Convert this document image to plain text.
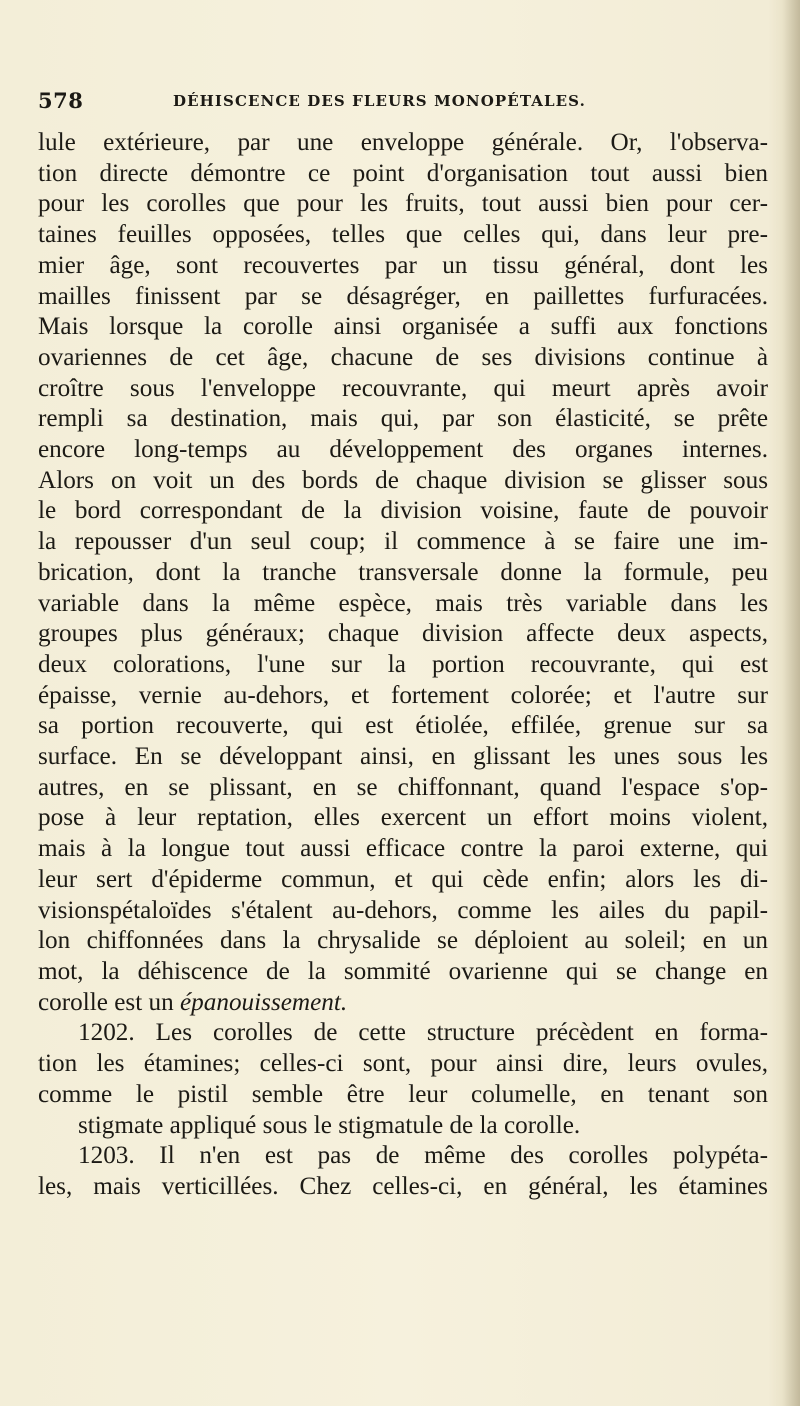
578	DÉHISCENCE DES FLEURS MONOPÉTALES.
lule extérieure, par une enveloppe générale. Or, l'observa-
tion directe démontre ce point d'organisation tout aussi bien
pour les corolles que pour les fruits, tout aussi bien pour cer-
taines feuilles opposées, telles que celles qui, dans leur pre-
mier âge, sont recouvertes par un tissu général, dont les
mailles finissent par se désagréger, en paillettes furfuracées.
Mais lorsque la corolle ainsi organisée a suffi aux fonctions
ovariennes de cet âge, chacune de ses divisions continue à
croître sous l'enveloppe recouvrante, qui meurt après avoir
rempli sa destination, mais qui, par son élasticité, se prête
encore long-temps au développement des organes internes.
Alors on voit un des bords de chaque division se glisser sous
le bord correspondant de la division voisine, faute de pouvoir
la repousser d'un seul coup; il commence à se faire une im-
brication, dont la tranche transversale donne la formule, peu
variable dans la même espèce, mais très variable dans les
groupes plus généraux; chaque division affecte deux aspects,
deux colorations, l'une sur la portion recouvrante, qui est
épaisse, vernie au-dehors, et fortement colorée; et l'autre sur
sa portion recouverte, qui est étiolée, effilée, grenue sur sa
surface. En se développant ainsi, en glissant les unes sous les
autres, en se plissant, en se chiffonnant, quand l'espace s'op-
pose à leur reptation, elles exercent un effort moins violent,
mais à la longue tout aussi efficace contre la paroi externe, qui
leur sert d'épiderme commun, et qui cède enfin; alors les di-
visionspétaloïdes s'étalent au-dehors, comme les ailes du papil-
lon chiffonnées dans la chrysalide se déploient au soleil; en un
mot, la déhiscence de la sommité ovarienne qui se change en
corolle est un épanouissement.
1202. Les corolles de cette structure précèdent en forma-
tion les étamines; celles-ci sont, pour ainsi dire, leurs ovules,
comme le pistil semble être leur columelle, en tenant son
stigmate appliqué sous le stigmatule de la corolle.
1203. Il n'en est pas de même des corolles polypéta-
les, mais verticillées. Chez celles-ci, en général, les étamines
